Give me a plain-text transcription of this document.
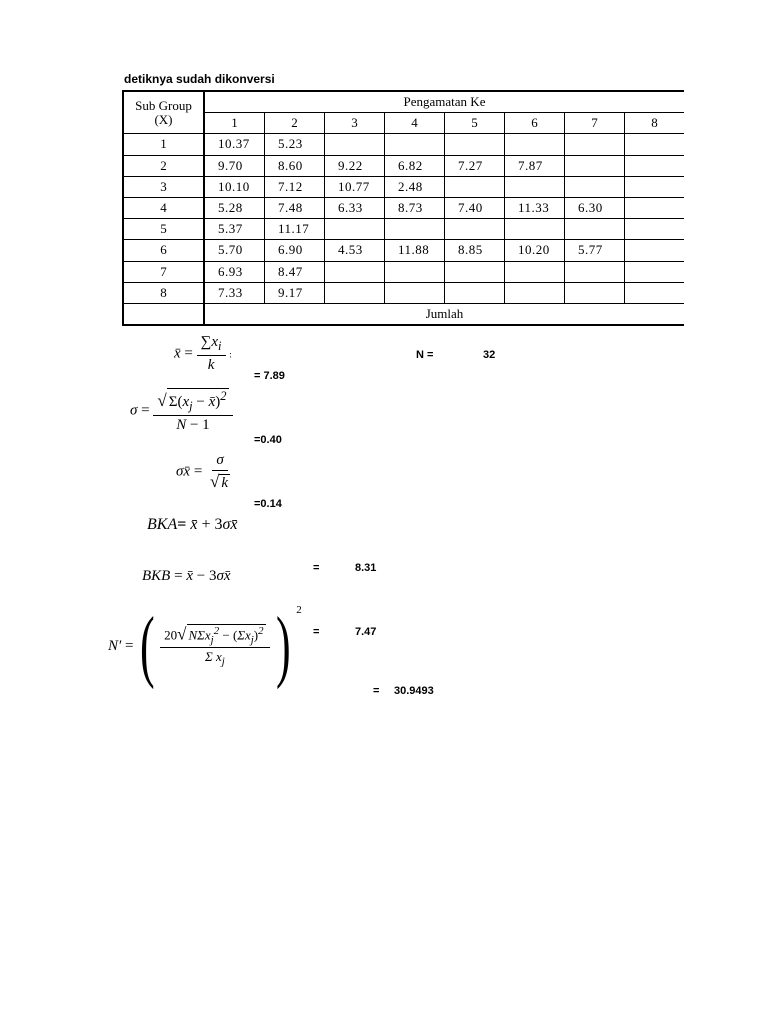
detiknya sudah dikonversi
Sub Group
(X)	Pengamatan Ke							
	1	2	3	4	5	6	7	8
1	10.37	5.23						
2	9.70	8.60	9.22	6.82	7.27	7.87		
3	10.10	7.12	10.77	2.48				
4	5.28	7.48	6.33	8.73	7.40	11.33	6.30	
5	5.37	11.17						
6	5.70	6.90	4.53	11.88	8.85	10.20	5.77	
7	6.93	8.47						
8	7.33	9.17						
	Jumlah							
x̄ = $\frac{\sum x_i}{k}$ :
= 7.89
N =	32
$\sigma = \frac{√ \Sigma(x_j - x̄)^2}{N - 1}$
=0.40
σx̄ = $\frac{\sigma}{√ k}$
=0.14
BKA= x̄ + 3σx̄
BKB = x̄ − 3σx̄	=	8.31
N′ = ( $\frac{20√ N\Sigma x_j^2 - (\Sigma x_j)^2}{\Sigma x_j}$ ) $^2$
=	7.47
= 30.9493
